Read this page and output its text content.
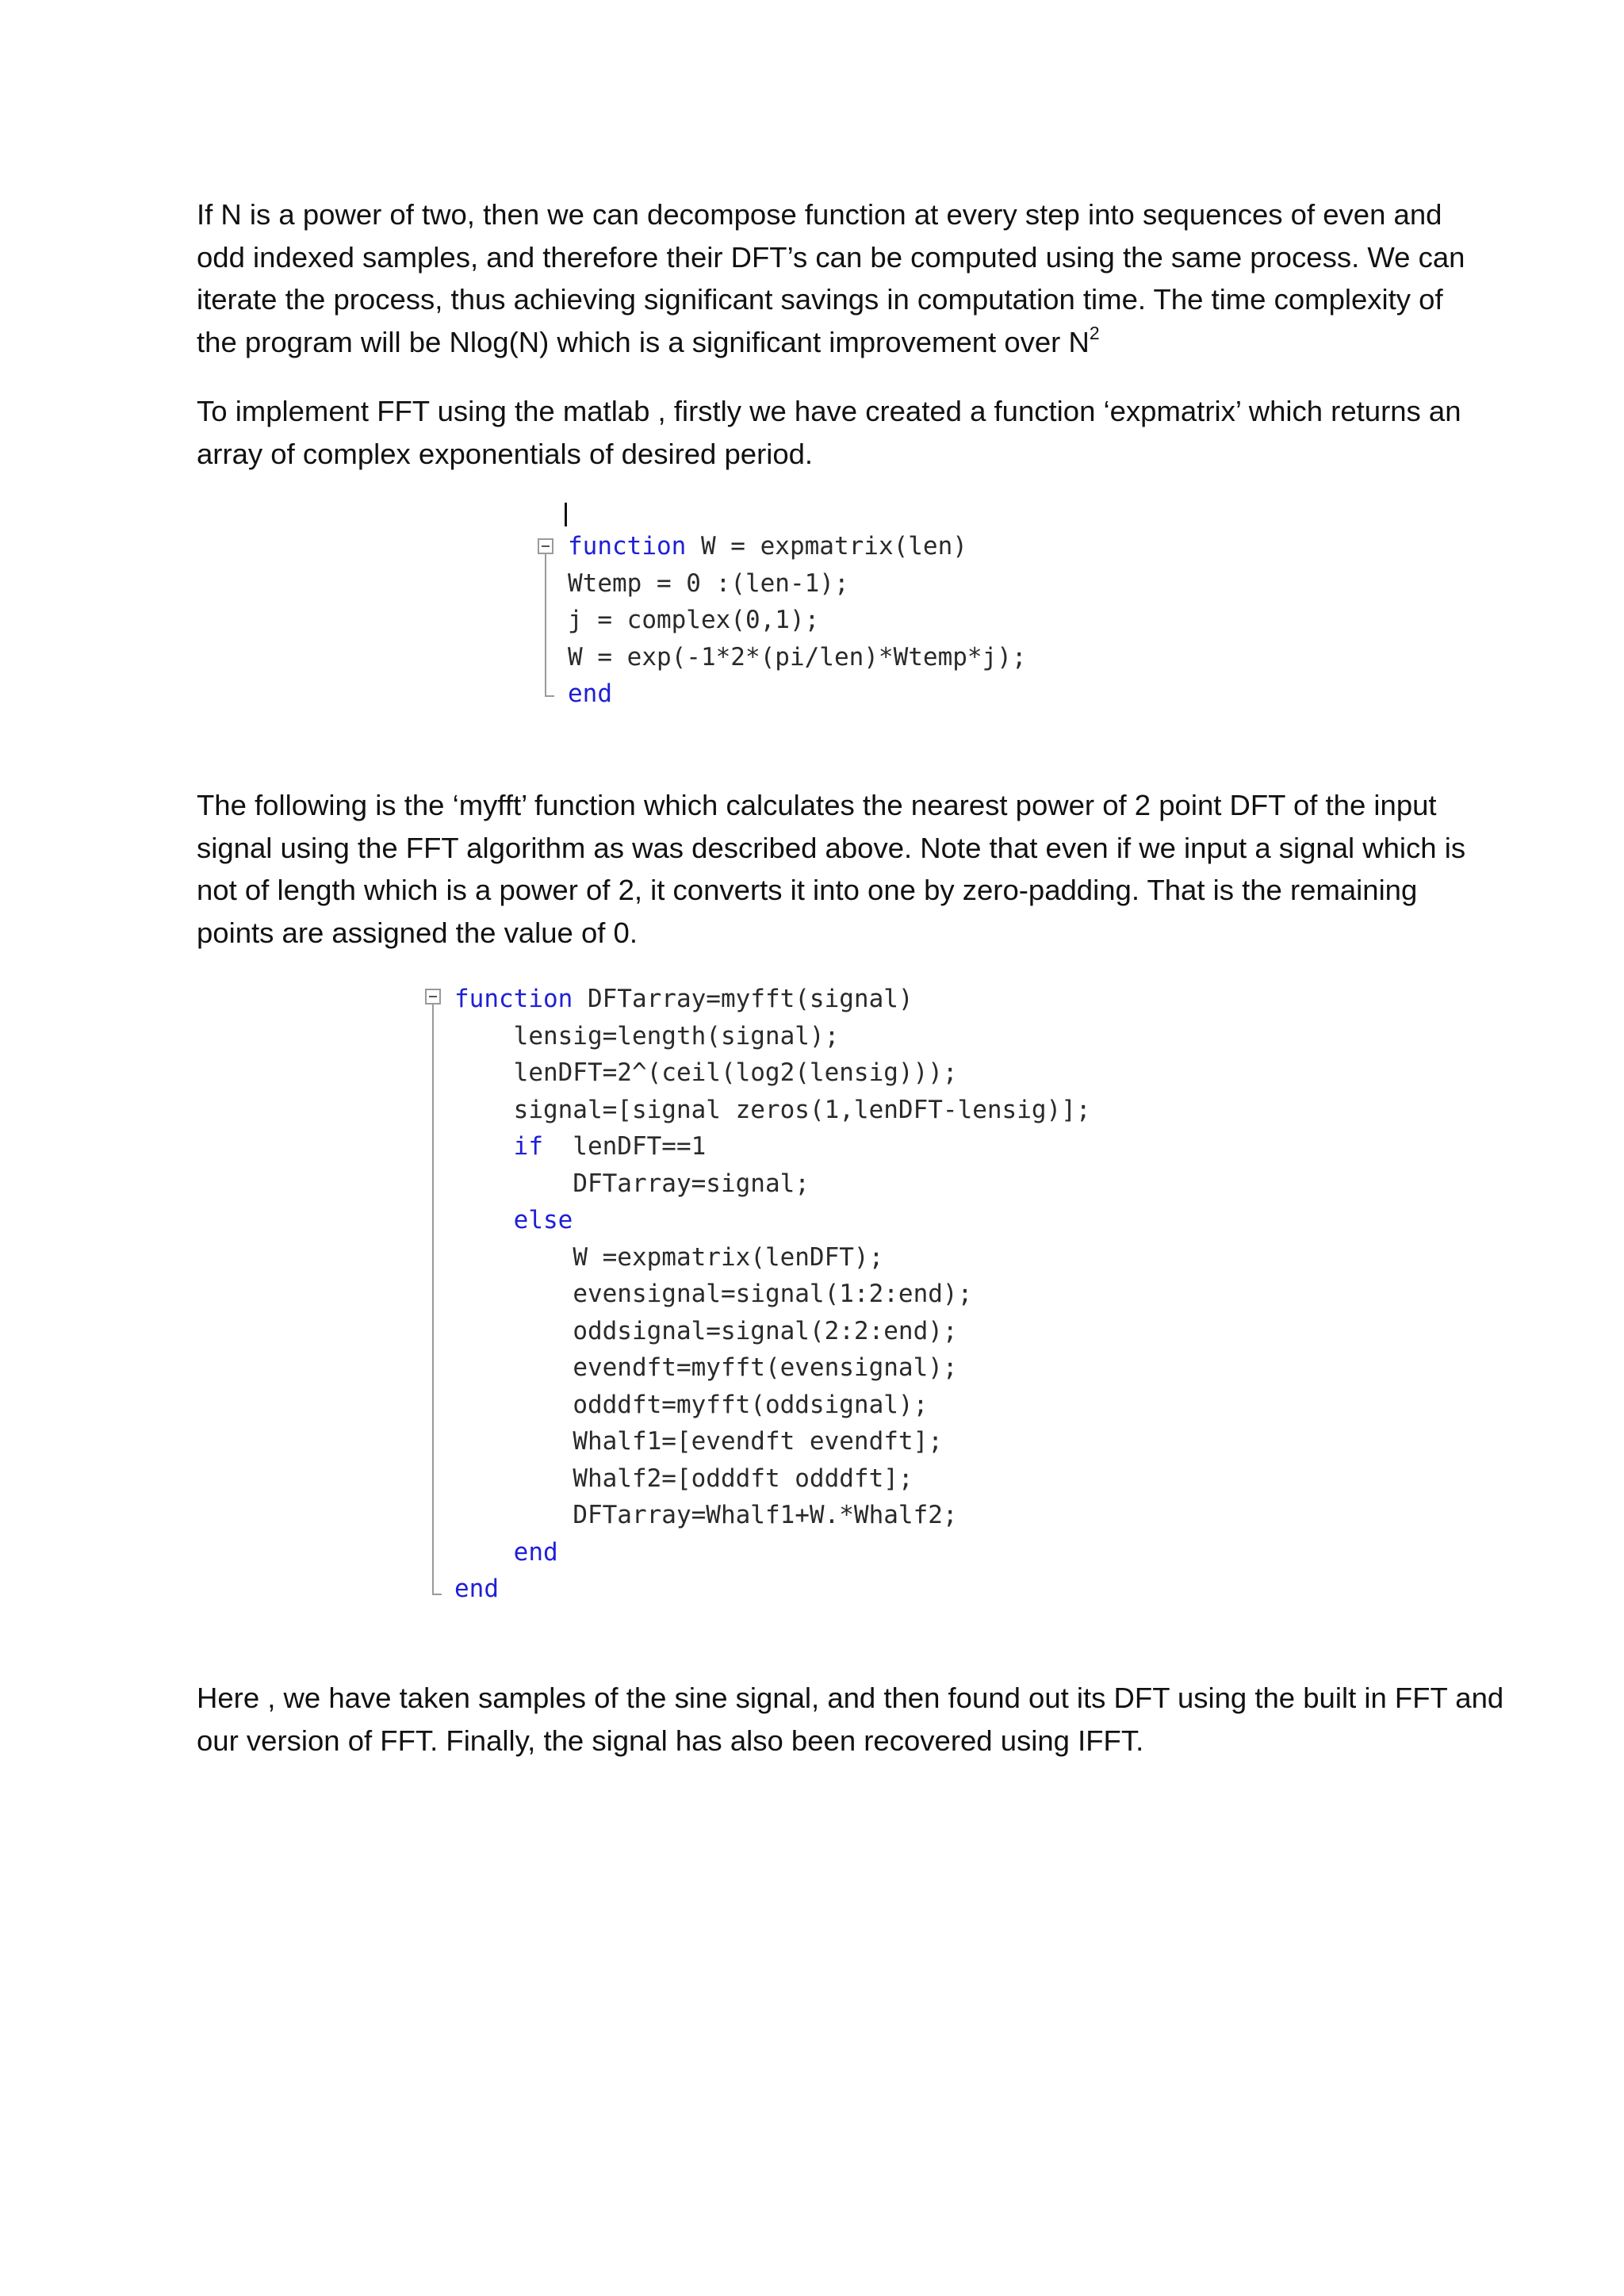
If N is a power of two, then we can decompose function at every step into sequences of even and
odd indexed samples, and therefore their DFT’s can be computed using the same process. We can
iterate the process, thus achieving significant savings in computation time. The time complexity of
the program will be Nlog(N) which is a significant improvement over $N^2$
To implement FFT using the matlab , firstly we have created a function ‘expmatrix’ which returns an
array of complex exponentials of desired period.
function W = expmatrix(len)
Wtemp = 0 :(len-1);
j = complex(0,1);
W = exp(-1*2*(pi/len)*Wtemp*j);
end
The following is the ‘myfft’ function which calculates the nearest power of 2 point DFT of the input
signal using the FFT algorithm as was described above. Note that even if we input a signal which is
not of length which is a power of 2, it converts it into one by zero-padding. That is the remaining
points are assigned the value of 0.
function DFTarray=myfft(signal)
lensig=length(signal);
lenDFT=2^(ceil(log2(lensig)));
signal=[signal zeros(1,lenDFT-lensig)];
if  lenDFT==1
DFTarray=signal;
else
W =expmatrix(lenDFT);
evensignal=signal(1:2:end);
oddsignal=signal(2:2:end);
evendft=myfft(evensignal);
odddft=myfft(oddsignal);
Whalf1=[evendft evendft];
Whalf2=[odddft odddft];
DFTarray=Whalf1+W.*Whalf2;
end
end
Here , we have taken samples of the sine signal, and then found out its DFT using the built in FFT and
our version of FFT. Finally, the signal has also been recovered using IFFT.
